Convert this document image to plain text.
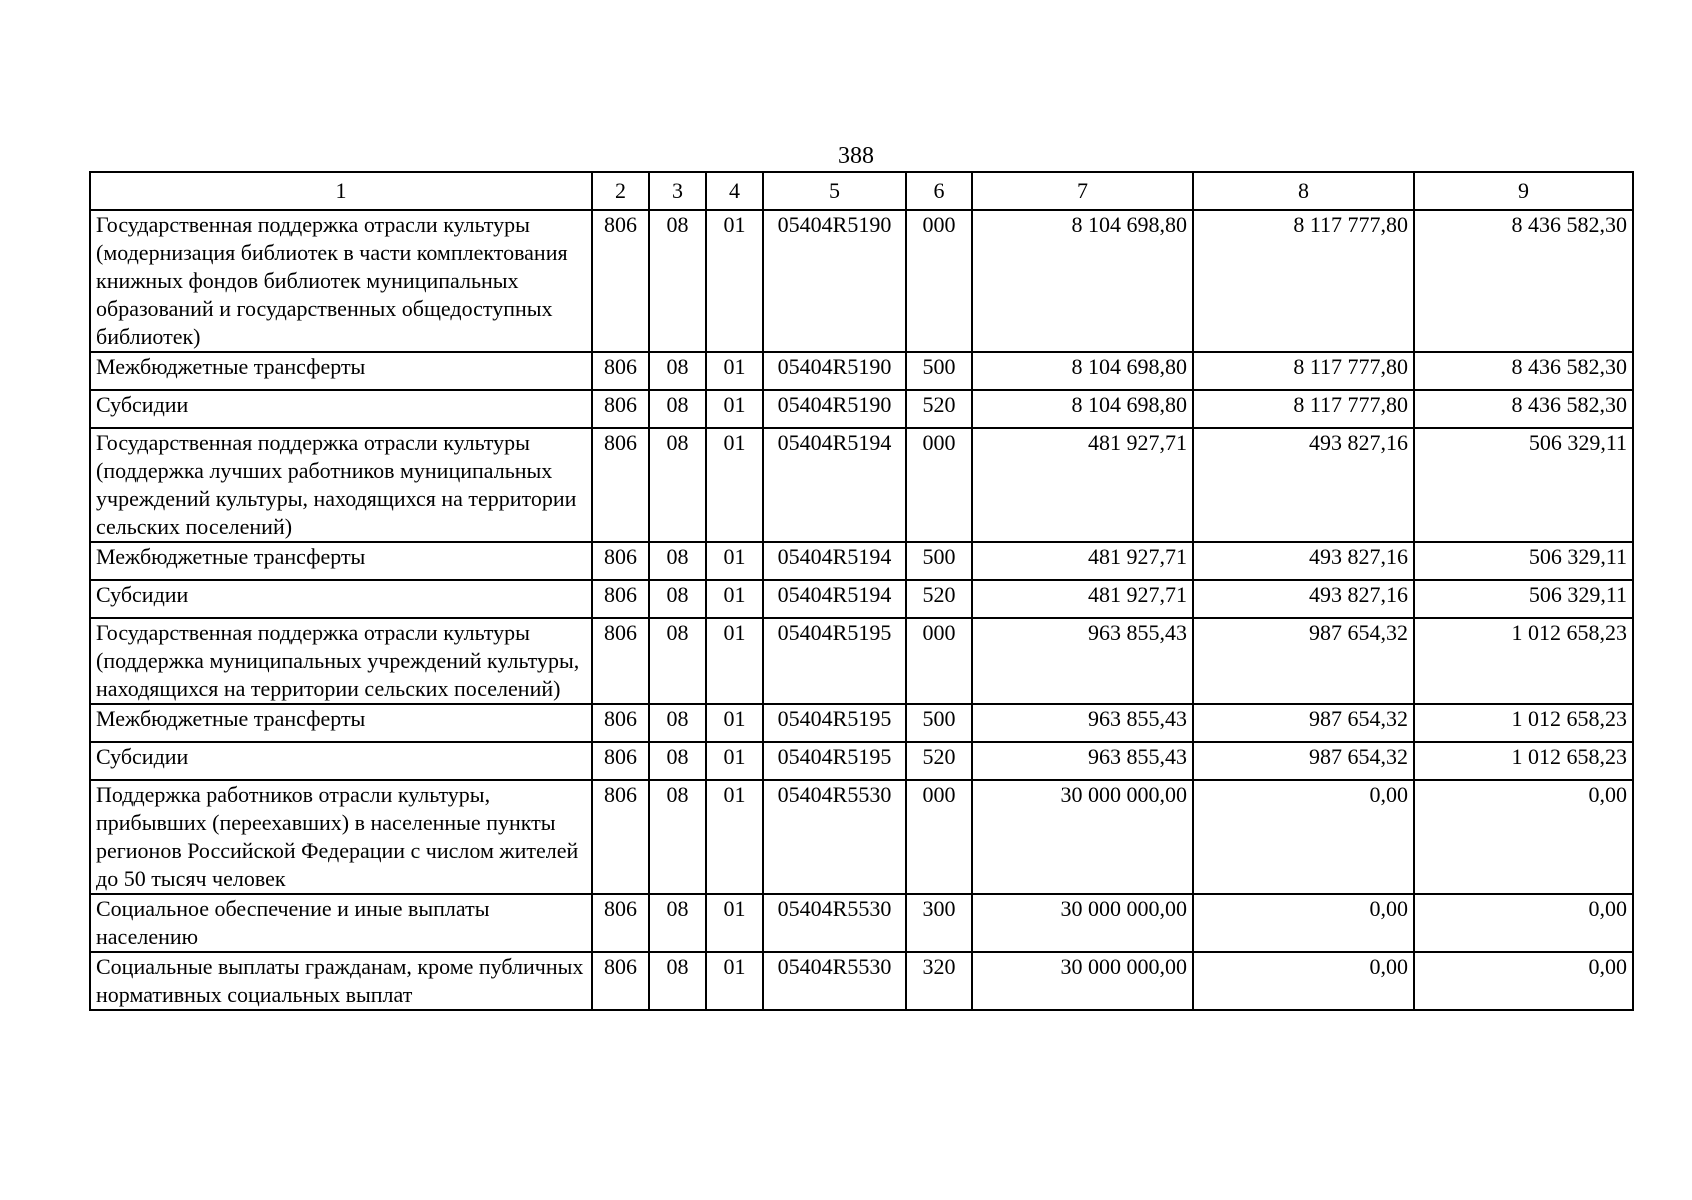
388
1	2	3	4	5	6	7	8	9
Государственная поддержка отрасли культуры (модернизация библиотек в части комплектования книжных фондов библиотек муниципальных образований и государственных общедоступных библиотек)	806	08	01	05404R5190	000	8 104 698,80	8 117 777,80	8 436 582,30
Межбюджетные трансферты	806	08	01	05404R5190	500	8 104 698,80	8 117 777,80	8 436 582,30
Субсидии	806	08	01	05404R5190	520	8 104 698,80	8 117 777,80	8 436 582,30
Государственная поддержка отрасли культуры (поддержка лучших работников муниципальных учреждений культуры, находящихся на территории сельских поселений)	806	08	01	05404R5194	000	481 927,71	493 827,16	506 329,11
Межбюджетные трансферты	806	08	01	05404R5194	500	481 927,71	493 827,16	506 329,11
Субсидии	806	08	01	05404R5194	520	481 927,71	493 827,16	506 329,11
Государственная поддержка отрасли культуры (поддержка муниципальных учреждений культуры, находящихся на территории сельских поселений)	806	08	01	05404R5195	000	963 855,43	987 654,32	1 012 658,23
Межбюджетные трансферты	806	08	01	05404R5195	500	963 855,43	987 654,32	1 012 658,23
Субсидии	806	08	01	05404R5195	520	963 855,43	987 654,32	1 012 658,23
Поддержка работников отрасли культуры, прибывших (переехавших) в населенные пункты регионов Российской Федерации с числом жителей до 50 тысяч человек	806	08	01	05404R5530	000	30 000 000,00	0,00	0,00
Социальное обеспечение и иные выплаты населению	806	08	01	05404R5530	300	30 000 000,00	0,00	0,00
Социальные выплаты гражданам, кроме публичных нормативных социальных выплат	806	08	01	05404R5530	320	30 000 000,00	0,00	0,00
